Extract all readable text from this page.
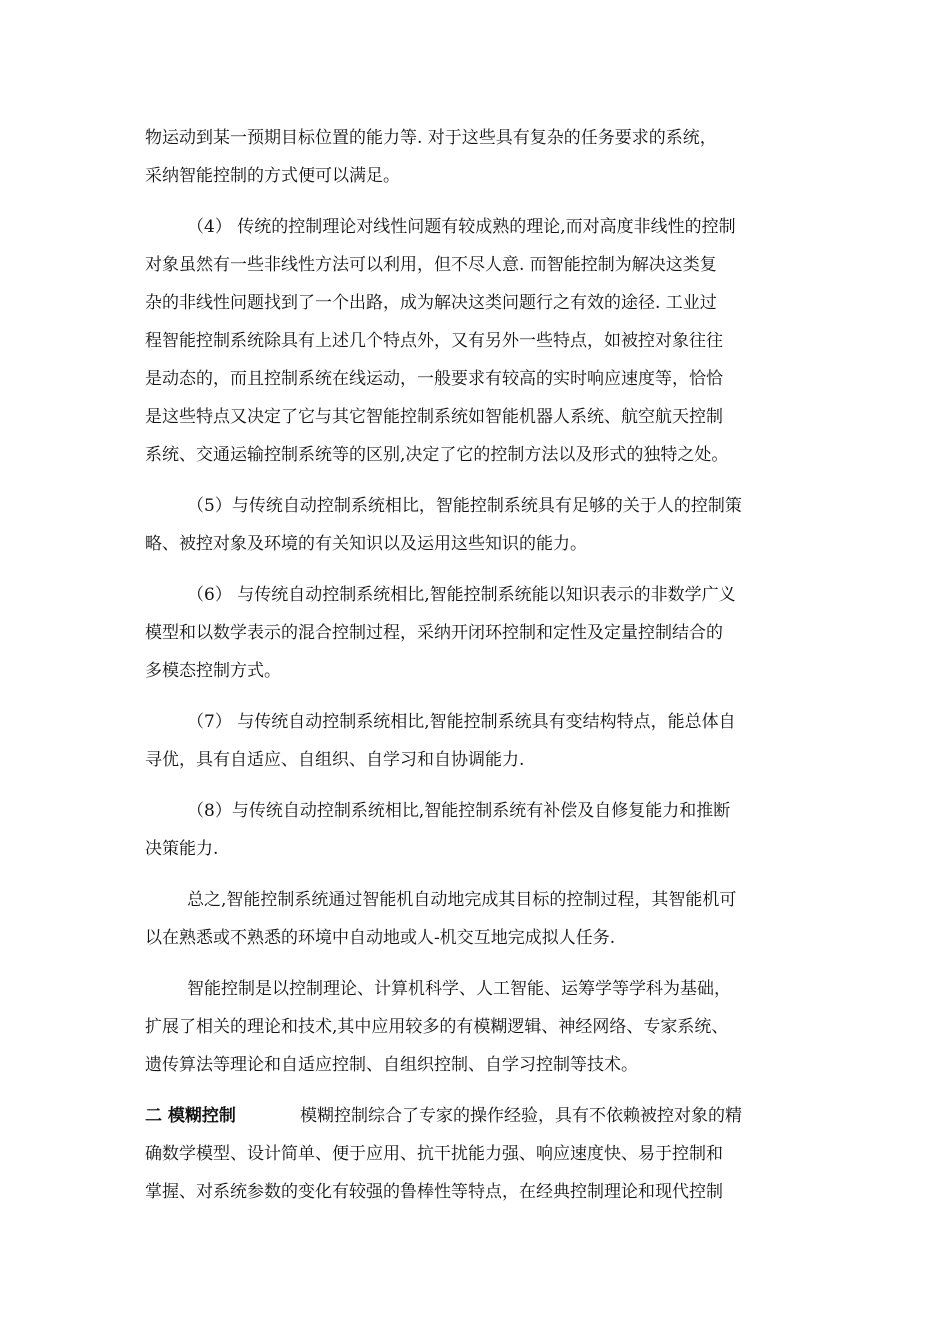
物运动到某一预期目标位置的能力等. 对于这些具有复杂的任务要求的系统，
采纳智能控制的方式便可以满足。
（4） 传统的控制理论对线性问题有较成熟的理论,而对高度非线性的控制
对象虽然有一些非线性方法可以利用，但不尽人意. 而智能控制为解决这类复
杂的非线性问题找到了一个出路，成为解决这类问题行之有效的途径. 工业过
程智能控制系统除具有上述几个特点外，又有另外一些特点，如被控对象往往
是动态的，而且控制系统在线运动，一般要求有较高的实时响应速度等，恰恰
是这些特点又决定了它与其它智能控制系统如智能机器人系统、航空航天控制
系统、交通运输控制系统等的区别,决定了它的控制方法以及形式的独特之处。
（5）与传统自动控制系统相比，智能控制系统具有足够的关于人的控制策
略、被控对象及环境的有关知识以及运用这些知识的能力。
（6） 与传统自动控制系统相比,智能控制系统能以知识表示的非数学广义
模型和以数学表示的混合控制过程，采纳开闭环控制和定性及定量控制结合的
多模态控制方式。
（7） 与传统自动控制系统相比,智能控制系统具有变结构特点，能总体自
寻优，具有自适应、自组织、自学习和自协调能力.
（8）与传统自动控制系统相比,智能控制系统有补偿及自修复能力和推断
决策能力.
总之,智能控制系统通过智能机自动地完成其目标的控制过程，其智能机可
以在熟悉或不熟悉的环境中自动地或人-机交互地完成拟人任务.
智能控制是以控制理论、计算机科学、人工智能、运筹学等学科为基础，
扩展了相关的理论和技术,其中应用较多的有模糊逻辑、神经网络、专家系统、
遗传算法等理论和自适应控制、自组织控制、自学习控制等技术。
二 模糊控制	模糊控制综合了专家的操作经验，具有不依赖被控对象的精
确数学模型、设计简单、便于应用、抗干扰能力强、响应速度快、易于控制和
掌握、对系统参数的变化有较强的鲁棒性等特点，在经典控制理论和现代控制
